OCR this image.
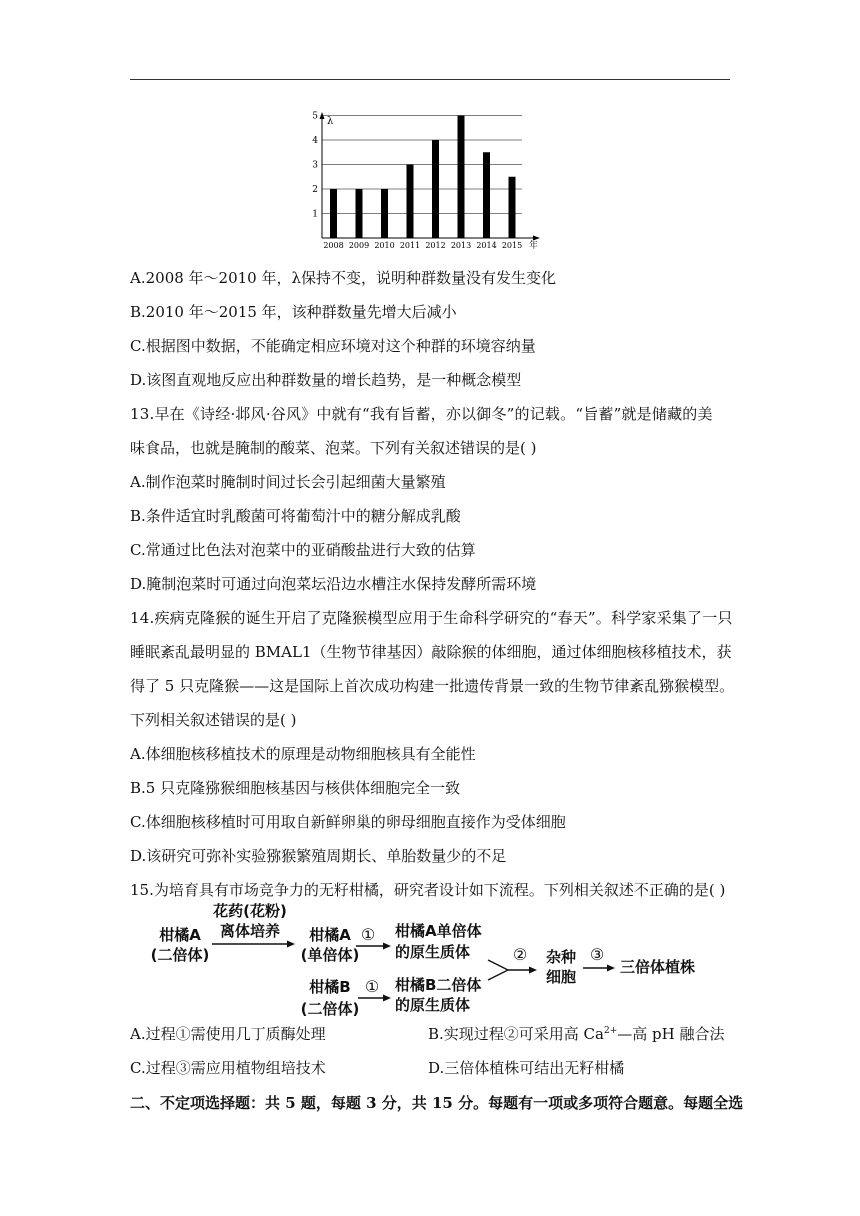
1
2
3
4
5
2008 2009 2010 2011 2012 2013 2014 2015
λ
年
A.2008 年～2010 年，λ保持不变，说明种群数量没有发生变化
B.2010 年～2015 年，该种群数量先增大后减小
C.根据图中数据，不能确定相应环境对这个种群的环境容纳量
D.该图直观地反应出种群数量的增长趋势，是一种概念模型
13.早在《诗经·邶风·谷风》中就有“我有旨蓄，亦以御冬”的记载。“旨蓄”就是储藏的美
味食品，也就是腌制的酸菜、泡菜。下列有关叙述错误的是( )
A.制作泡菜时腌制时间过长会引起细菌大量繁殖
B.条件适宜时乳酸菌可将葡萄汁中的糖分解成乳酸
C.常通过比色法对泡菜中的亚硝酸盐进行大致的估算
D.腌制泡菜时可通过向泡菜坛沿边水槽注水保持发酵所需环境
14.疾病克隆猴的诞生开启了克隆猴模型应用于生命科学研究的“春天”。科学家采集了一只
睡眠紊乱最明显的 BMAL1（生物节律基因）敲除猴的体细胞，通过体细胞核移植技术，获
得了 5 只克隆猴——这是国际上首次成功构建一批遗传背景一致的生物节律紊乱猕猴模型。
下列相关叙述错误的是( )
A.体细胞核移植技术的原理是动物细胞核具有全能性
B.5 只克隆猕猴细胞核基因与核供体细胞完全一致
C.体细胞核移植时可用取自新鲜卵巢的卵母细胞直接作为受体细胞
D.该研究可弥补实验猕猴繁殖周期长、单胎数量少的不足
15.为培育具有市场竞争力的无籽柑橘，研究者设计如下流程。下列相关叙述不正确的是( )
柑橘A
(二倍体)
花药(花粉)
离体培养 柑橘A
(单倍体)
① 柑橘A单倍体
的原生质体
柑橘B
(二倍体)
① 柑橘B二倍体
的原生质体
② 杂种
细胞
③
三倍体植株
A.过程①需使用几丁质酶处理	B.实现过程②可采用高 $Ca^{2+}—$高 pH 融合法
C.过程③需应用植物组培技术	D.三倍体植株可结出无籽柑橘
二、不定项选择题：共 5 题，每题 3 分，共 15 分。每题有一项或多项符合题意。每题全选
